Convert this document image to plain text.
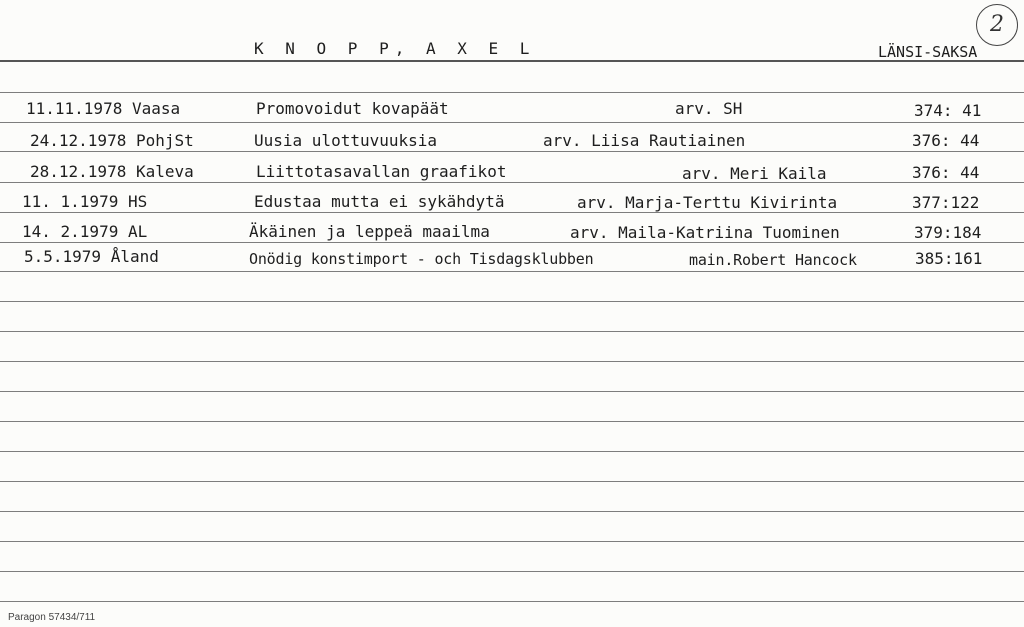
K N O P P, A X E L	LÄNSI-SAKSA
2
11.11.1978 Vaasa	Promovoidut kovapäät	arv. SH	374: 41
24.12.1978 PohjSt	Uusia ulottuvuuksia	arv. Liisa Rautiainen	376: 44
28.12.1978 Kaleva	Liittotasavallan graafikot	arv. Meri Kaila	376: 44
11. 1.1979 HS	Edustaa mutta ei sykähdytä	arv. Marja-Terttu Kivirinta	377:122
14. 2.1979 AL	Äkäinen ja leppeä maailma	arv. Maila-Katriina Tuominen	379:184
5.5.1979 Åland	Onödig konstimport - och Tisdagsklubben	main.Robert Hancock	385:161
Paragon 57434/711
